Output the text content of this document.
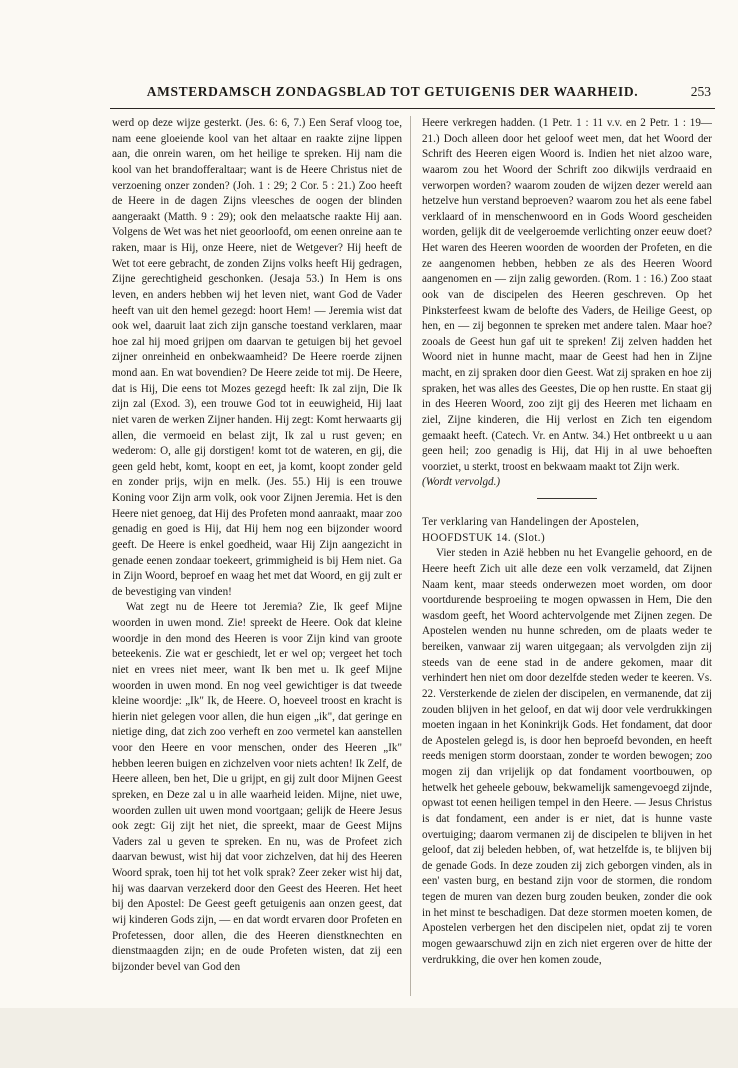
AMSTERDAMSCH ZONDAGSBLAD TOT GETUIGENIS DER WAARHEID.	253

werd op deze wijze gesterkt. (Jes. 6: 6, 7.) Een Seraf vloog toe, nam eene gloeiende kool van het altaar en raakte zijne lippen aan, die onrein waren, om het heilige te spreken. Hij nam die kool van het brandofferaltaar; want is de Heere Christus niet de verzoening onzer zonden? (Joh. 1 : 29; 2 Cor. 5 : 21.) Zoo heeft de Heere in de dagen Zijns vleesches de oogen der blinden aangeraakt (Matth. 9 : 29); ook den melaatsche raakte Hij aan. Volgens de Wet was het niet geoorloofd, om eenen onreine aan te raken, maar is Hij, onze Heere, niet de Wetgever? Hij heeft de Wet tot eere gebracht, de zonden Zijns volks heeft Hij gedragen, Zijne gerechtigheid geschonken. (Jesaja 53.) In Hem is ons leven, en anders hebben wij het leven niet, want God de Vader heeft van uit den hemel gezegd: hoort Hem! — Jeremia wist dat ook wel, daaruit laat zich zijn gansche toestand verklaren, maar hoe zal hij moed grijpen om daarvan te getuigen bij het gevoel zijner onreinheid en onbekwaamheid? De Heere roerde zijnen mond aan. En wat bovendien? De Heere zeide tot mij. De Heere, dat is Hij, Die eens tot Mozes gezegd heeft: Ik zal zijn, Die Ik zijn zal (Exod. 3), een trouwe God tot in eeuwigheid, Hij laat niet varen de werken Zijner handen. Hij zegt: Komt herwaarts gij allen, die vermoeid en belast zijt, Ik zal u rust geven; en wederom: O, alle gij dorstigen! komt tot de wateren, en gij, die geen geld hebt, komt, koopt en eet, ja komt, koopt zonder geld en zonder prijs, wijn en melk. (Jes. 55.) Hij is een trouwe Koning voor Zijn arm volk, ook voor Zijnen Jeremia. Het is den Heere niet genoeg, dat Hij des Profeten mond aanraakt, maar zoo genadig en goed is Hij, dat Hij hem nog een bijzonder woord geeft. De Heere is enkel goedheid, waar Hij Zijn aangezicht in genade eenen zondaar toekeert, grimmigheid is bij Hem niet. Ga in Zijn Woord, beproef en waag het met dat Woord, en gij zult er de bevestiging van vinden!

Wat zegt nu de Heere tot Jeremia? Zie, Ik geef Mijne woorden in uwen mond. Zie! spreekt de Heere. Ook dat kleine woordje in den mond des Heeren is voor Zijn kind van groote beteekenis. Zie wat er geschiedt, let er wel op; vergeet het toch niet en vrees niet meer, want Ik ben met u. Ik geef Mijne woorden in uwen mond. En nog veel gewichtiger is dat tweede kleine woordje: „Ik" Ik, de Heere. O, hoeveel troost en kracht is hierin niet gelegen voor allen, die hun eigen „ik", dat geringe en nietige ding, dat zich zoo verheft en zoo vermetel kan aanstellen voor den Heere en voor menschen, onder des Heeren „Ik" hebben leeren buigen en zichzelven voor niets achten! Ik Zelf, de Heere alleen, ben het, Die u grijpt, en gij zult door Mijnen Geest spreken, en Deze zal u in alle waarheid leiden. Mijne, niet uwe, woorden zullen uit uwen mond voortgaan; gelijk de Heere Jesus ook zegt: Gij zijt het niet, die spreekt, maar de Geest Mijns Vaders zal u geven te spreken. En nu, was de Profeet zich daarvan bewust, wist hij dat voor zichzelven, dat hij des Heeren Woord sprak, toen hij tot het volk sprak? Zeer zeker wist hij dat, hij was daarvan verzekerd door den Geest des Heeren. Het heet bij den Apostel: De Geest geeft getuigenis aan onzen geest, dat wij kinderen Gods zijn, — en dat wordt ervaren door Profeten en Profetessen, door allen, die des Heeren dienstknechten en dienstmaagden zijn; en de oude Profeten wisten, dat zij een bijzonder bevel van God den

Heere verkregen hadden. (1 Petr. 1 : 11 v.v. en 2 Petr. 1 : 19—21.) Doch alleen door het geloof weet men, dat het Woord der Schrift des Heeren eigen Woord is. Indien het niet alzoo ware, waarom zou het Woord der Schrift zoo dikwijls verdraaid en verworpen worden? waarom zouden de wijzen dezer wereld aan hetzelve hun verstand beproeven? waarom zou het als eene fabel verklaard of in menschenwoord en in Gods Woord gescheiden worden, gelijk dit de veelgeroemde verlichting onzer eeuw doet? Het waren des Heeren woorden de woorden der Profeten, en die ze aangenomen hebben, hebben ze als des Heeren Woord aangenomen en — zijn zalig geworden. (Rom. 1 : 16.) Zoo staat ook van de discipelen des Heeren geschreven. Op het Pinksterfeest kwam de belofte des Vaders, de Heilige Geest, op hen, en — zij begonnen te spreken met andere talen. Maar hoe? zooals de Geest hun gaf uit te spreken! Zij zelven hadden het Woord niet in hunne macht, maar de Geest had hen in Zijne macht, en zij spraken door dien Geest. Wat zij spraken en hoe zij spraken, het was alles des Geestes, Die op hen rustte. En staat gij in des Heeren Woord, zoo zijt gij des Heeren met lichaam en ziel, Zijne kinderen, die Hij verlost en Zich ten eigendom gemaakt heeft. (Catech. Vr. en Antw. 34.) Het ontbreekt u u aan geen heil; zoo genadig is Hij, dat Hij in al uwe behoeften voorziet, u sterkt, troost en bekwaam maakt tot Zijn werk.

(Wordt vervolgd.)

Ter verklaring van Handelingen der Apostelen,

HOOFDSTUK 14. (Slot.)

Vier steden in Azië hebben nu het Evangelie gehoord, en de Heere heeft Zich uit alle deze een volk verzameld, dat Zijnen Naam kent, maar steeds onderwezen moet worden, om door voortdurende besproeiing te mogen opwassen in Hem, Die den wasdom geeft, het Woord achtervolgende met Zijnen zegen. De Apostelen wenden nu hunne schreden, om de plaats weder te bereiken, vanwaar zij waren uitgegaan; als vervolgden zijn zij steeds van de eene stad in de andere gekomen, maar dit verhindert hen niet om door dezelfde steden weder te keeren. Vs. 22. Versterkende de zielen der discipelen, en vermanende, dat zij zouden blijven in het geloof, en dat wij door vele verdrukkingen moeten ingaan in het Koninkrijk Gods. Het fondament, dat door de Apostelen gelegd is, is door hen beproefd bevonden, en heeft reeds menigen storm doorstaan, zonder te worden bewogen; zoo mogen zij dan vrijelijk op dat fondament voortbouwen, op hetwelk het geheele gebouw, bekwamelijk samengevoegd zijnde, opwast tot eenen heiligen tempel in den Heere. — Jesus Christus is dat fondament, een ander is er niet, dat is hunne vaste overtuiging; daarom vermanen zij de discipelen te blijven in het geloof, dat zij beleden hebben, of, wat hetzelfde is, te blijven bij de genade Gods. In deze zouden zij zich geborgen vinden, als in een' vasten burg, en bestand zijn voor de stormen, die rondom tegen de muren van dezen burg zouden beuken, zonder die ook in het minst te beschadigen. Dat deze stormen moeten komen, de Apostelen verbergen het den discipelen niet, opdat zij te voren mogen gewaarschuwd zijn en zich niet ergeren over de hitte der verdrukking, die over hen komen zoude,
